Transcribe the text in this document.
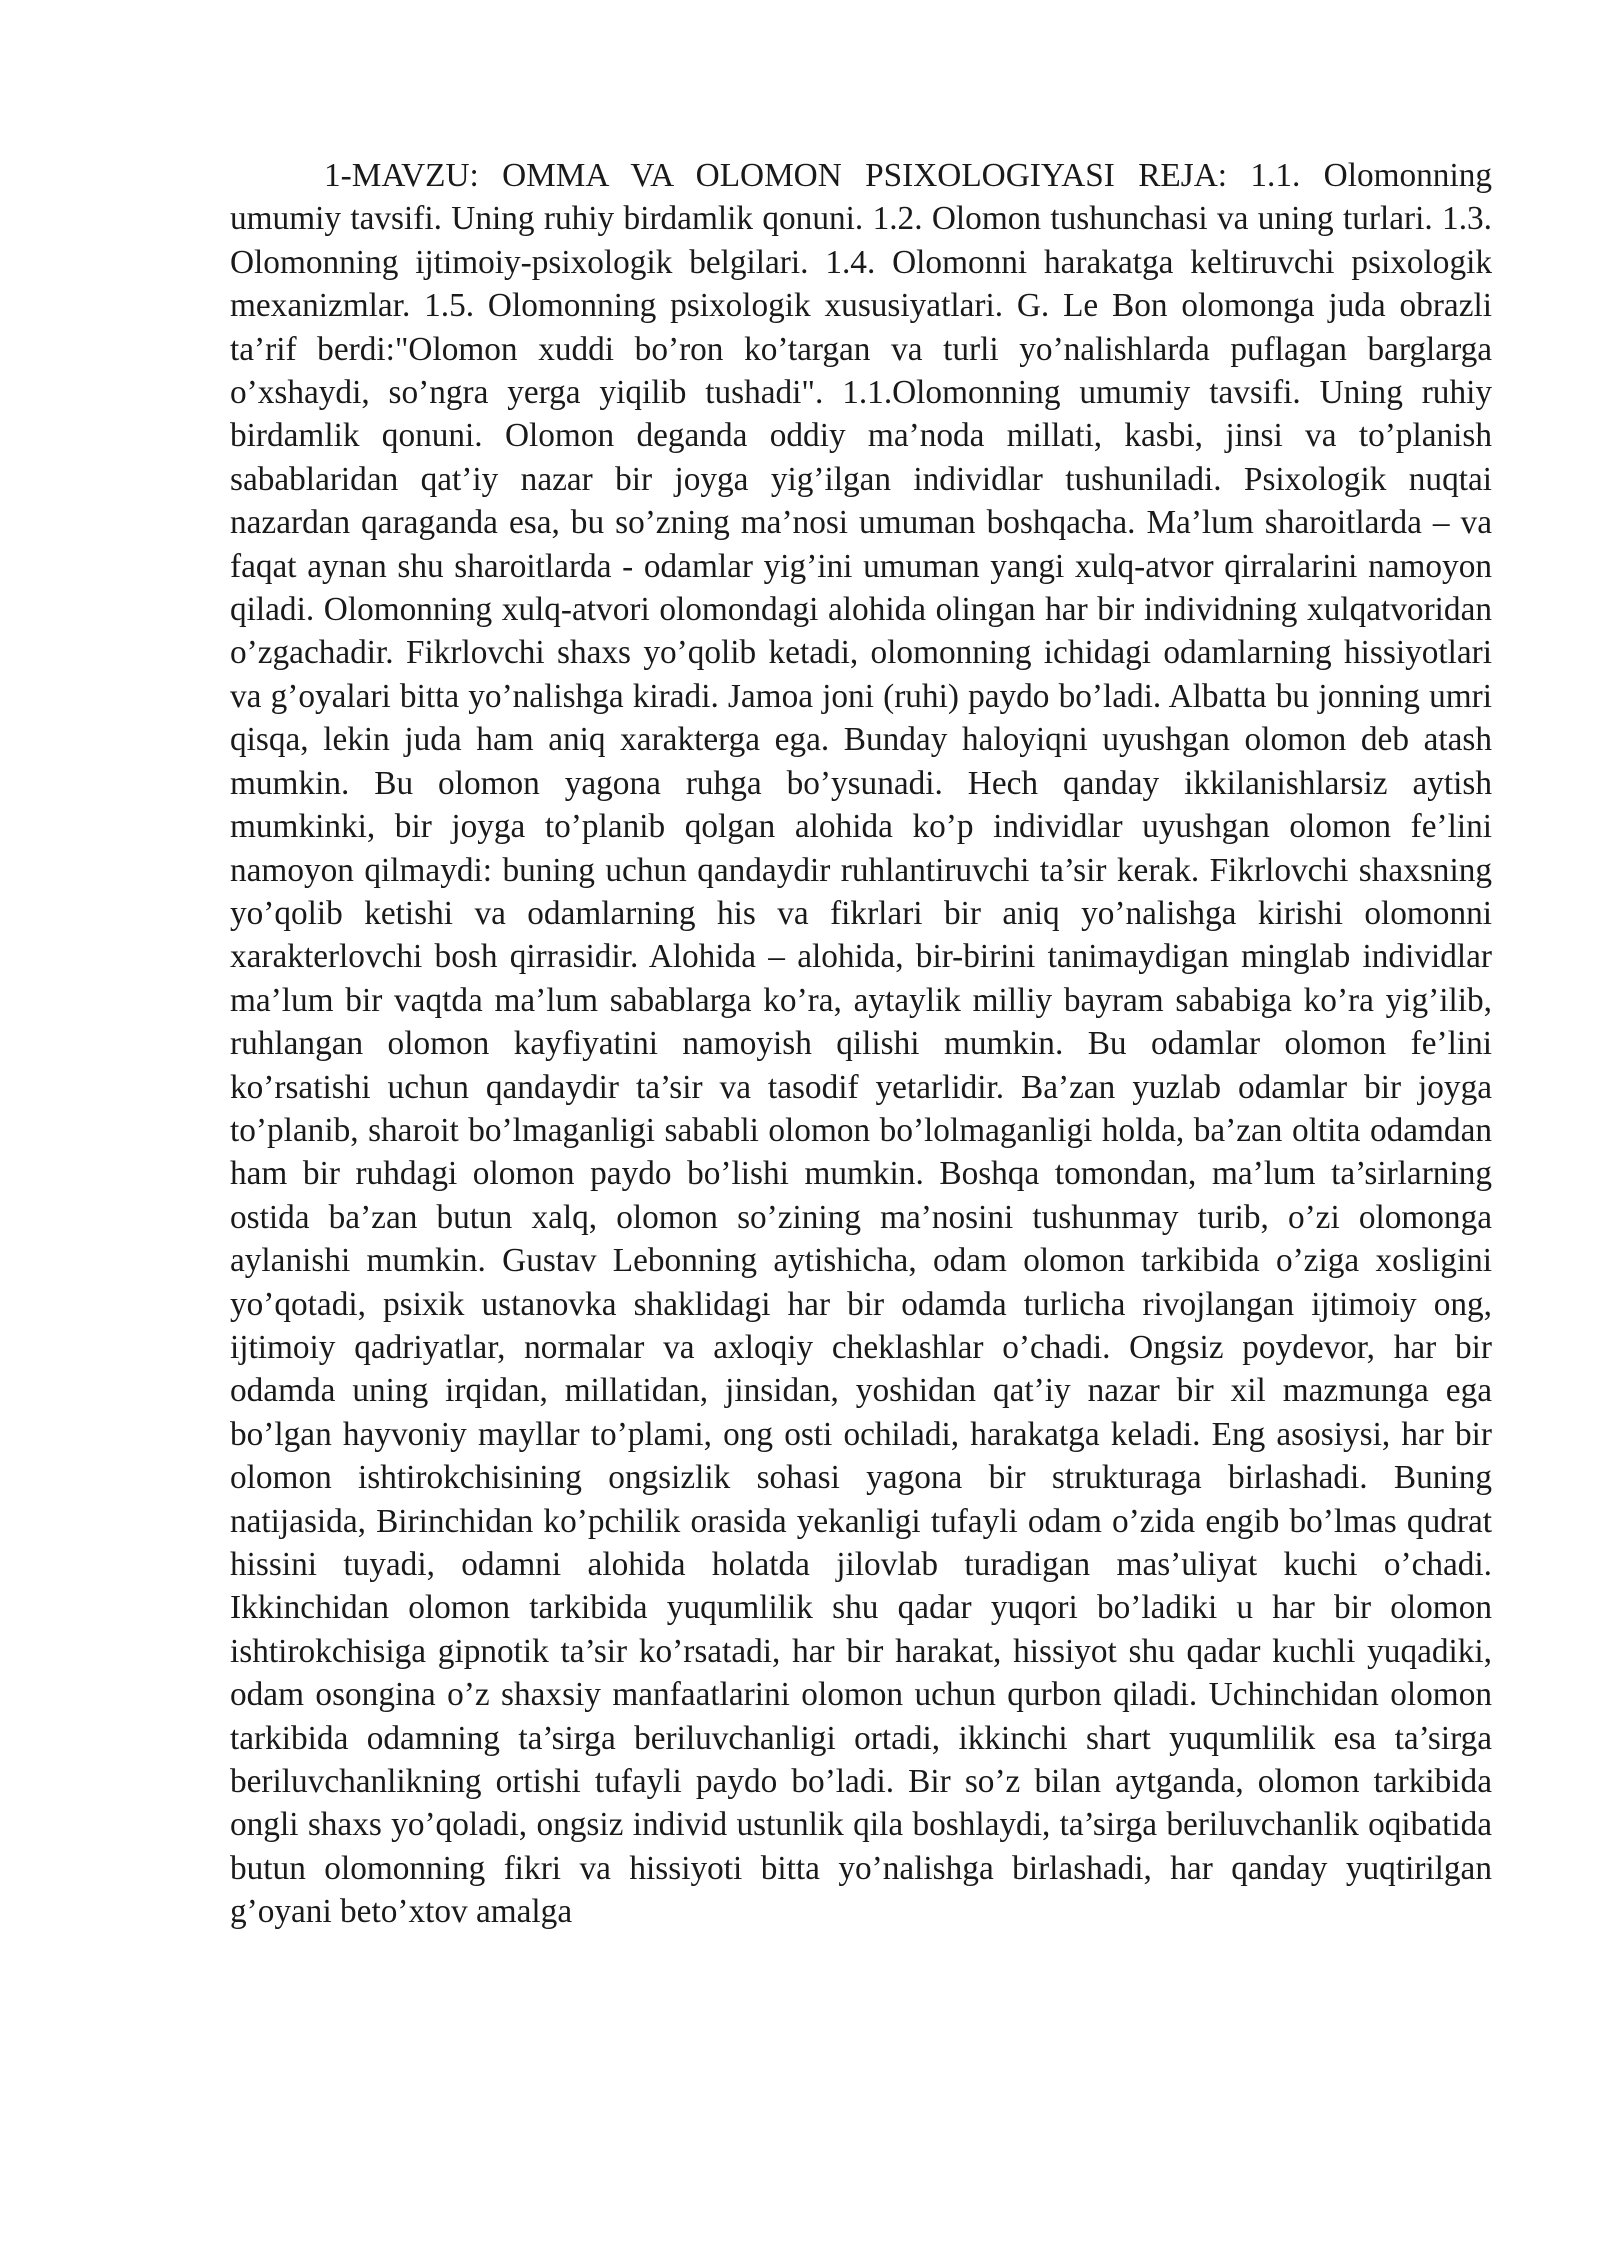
1-MAVZU: OMMA VA OLOMON PSIXOLOGIYASI REJA: 1.1. Olomonning umumiy tavsifi. Uning ruhiy birdamlik qonuni. 1.2. Olomon tushunchasi va uning turlari. 1.3. Olomonning ijtimoiy-psixologik belgilari. 1.4. Olomonni harakatga keltiruvchi psixologik mexanizmlar. 1.5. Olomonning psixologik xususiyatlari. G. Le Bon olomonga juda obrazli ta’rif berdi:"Olomon xuddi bo’ron ko’targan va turli yo’nalishlarda puflagan barglarga o’xshaydi, so’ngra yerga yiqilib tushadi". 1.1.Olomonning umumiy tavsifi. Uning ruhiy birdamlik qonuni. Olomon deganda oddiy ma’noda millati, kasbi, jinsi va to’planish sabablaridan qat’iy nazar bir joyga yig’ilgan individlar tushuniladi. Psixologik nuqtai nazardan qaraganda esa, bu so’zning ma’nosi umuman boshqacha. Ma’lum sharoitlarda – va faqat aynan shu sharoitlarda - odamlar yig’ini umuman yangi xulq-atvor qirralarini namoyon qiladi. Olomonning xulq-atvori olomondagi alohida olingan har bir individning xulqatvoridan o’zgachadir. Fikrlovchi shaxs yo’qolib ketadi, olomonning ichidagi odamlarning hissiyotlari va g’oyalari bitta yo’nalishga kiradi. Jamoa joni (ruhi) paydo bo’ladi. Albatta bu jonning umri qisqa, lekin juda ham aniq xarakterga ega. Bunday haloyiqni uyushgan olomon deb atash mumkin. Bu olomon yagona ruhga bo’ysunadi. Hech qanday ikkilanishlarsiz aytish mumkinki, bir joyga to’planib qolgan alohida ko’p individlar uyushgan olomon fe’lini namoyon qilmaydi: buning uchun qandaydir ruhlantiruvchi ta’sir kerak. Fikrlovchi shaxsning yo’qolib ketishi va odamlarning his va fikrlari bir aniq yo’nalishga kirishi olomonni xarakterlovchi bosh qirrasidir. Alohida – alohida, bir-birini tanimaydigan minglab individlar ma’lum bir vaqtda ma’lum sabablarga ko’ra, aytaylik milliy bayram sababiga ko’ra yig’ilib, ruhlangan olomon kayfiyatini namoyish qilishi mumkin. Bu odamlar olomon fe’lini ko’rsatishi uchun qandaydir ta’sir va tasodif yetarlidir. Ba’zan yuzlab odamlar bir joyga to’planib, sharoit bo’lmaganligi sababli olomon bo’lolmaganligi holda, ba’zan oltita odamdan ham bir ruhdagi olomon paydo bo’lishi mumkin. Boshqa tomondan, ma’lum ta’sirlarning ostida ba’zan butun xalq, olomon so’zining ma’nosini tushunmay turib, o’zi olomonga aylanishi mumkin. Gustav Lebonning aytishicha, odam olomon tarkibida o’ziga xosligini yo’qotadi, psixik ustanovka shaklidagi har bir odamda turlicha rivojlangan ijtimoiy ong, ijtimoiy qadriyatlar, normalar va axloqiy cheklashlar o’chadi. Ongsiz poydevor, har bir odamda uning irqidan, millatidan, jinsidan, yoshidan qat’iy nazar bir xil mazmunga ega bo’lgan hayvoniy mayllar to’plami, ong osti ochiladi, harakatga keladi. Eng asosiysi, har bir olomon ishtirokchisining ongsizlik sohasi yagona bir strukturaga birlashadi. Buning natijasida, Birinchidan ko’pchilik orasida yekanligi tufayli odam o’zida engib bo’lmas qudrat hissini tuyadi, odamni alohida holatda jilovlab turadigan mas’uliyat kuchi o’chadi. Ikkinchidan olomon tarkibida yuqumlilik shu qadar yuqori bo’ladiki u har bir olomon ishtirokchisiga gipnotik ta’sir ko’rsatadi, har bir harakat, hissiyot shu qadar kuchli yuqadiki, odam osongina o’z shaxsiy manfaatlarini olomon uchun qurbon qiladi. Uchinchidan olomon tarkibida odamning ta’sirga beriluvchanligi ortadi, ikkinchi shart yuqumlilik esa ta’sirga beriluvchanlikning ortishi tufayli paydo bo’ladi. Bir so’z bilan aytganda, olomon tarkibida ongli shaxs yo’qoladi, ongsiz individ ustunlik qila boshlaydi, ta’sirga beriluvchanlik oqibatida butun olomonning fikri va hissiyoti bitta yo’nalishga birlashadi, har qanday yuqtirilgan g’oyani beto’xtov amalga
